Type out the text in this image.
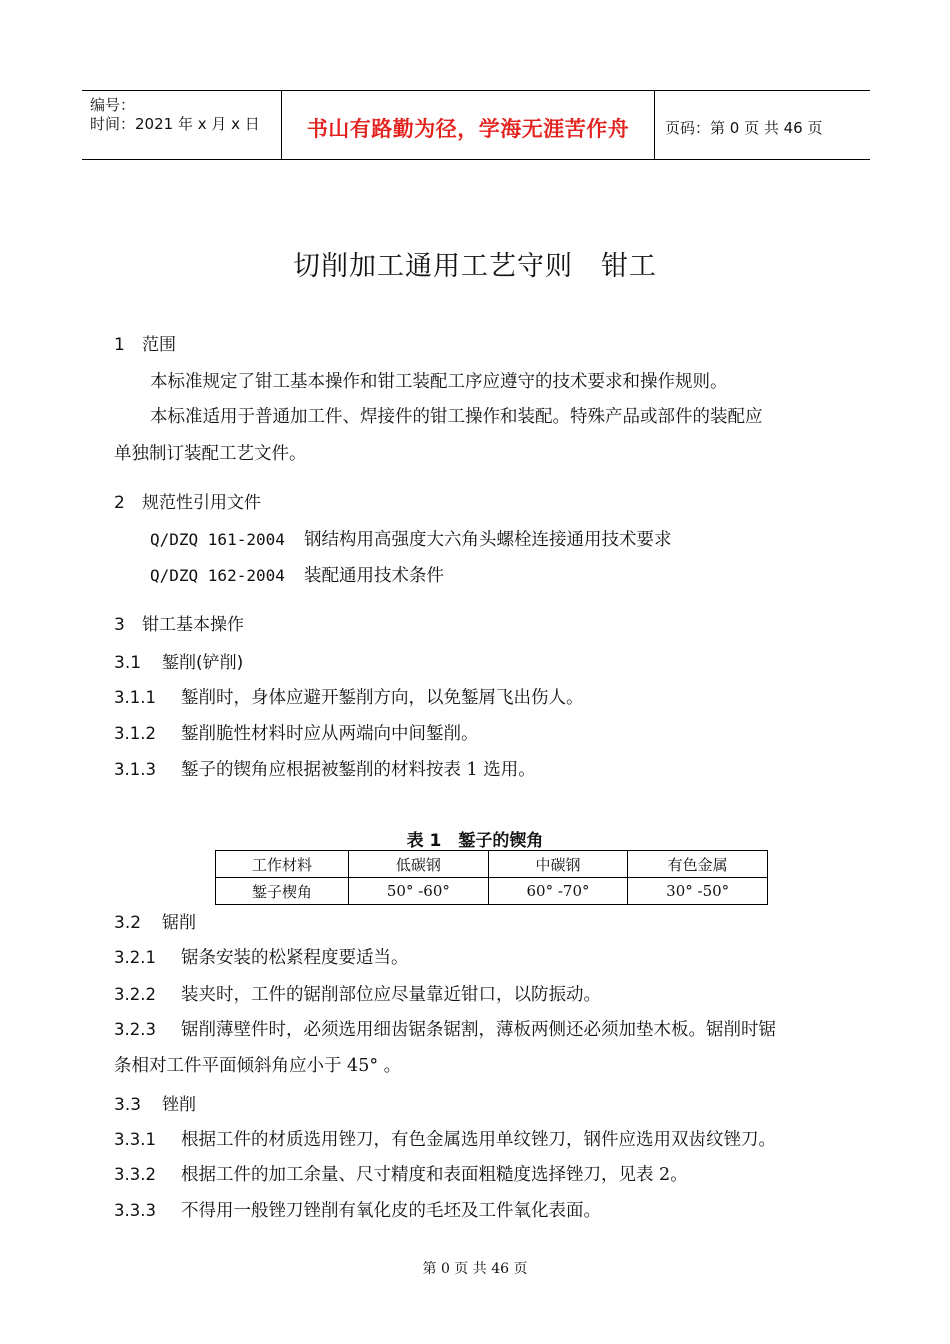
编号：
时间：2021 年 x 月 x 日	书山有路勤为径，学海无涯苦作舟	页码：第 0 页 共 46 页
切削加工通用工艺守则　钳工
1 范围
本标准规定了钳工基本操作和钳工装配工序应遵守的技术要求和操作规则。
本标准适用于普通加工件、焊接件的钳工操作和装配。特殊产品或部件的装配应
单独制订装配工艺文件。
2 规范性引用文件
Q/DZQ 161-2004 钢结构用高强度大六角头螺栓连接通用技术要求
Q/DZQ 162-2004 装配通用技术条件
3 钳工基本操作
3.1 錾削(铲削)
3.1.1 錾削时，身体应避开錾削方向，以免錾屑飞出伤人。
3.1.2 錾削脆性材料时应从两端向中间錾削。
3.1.3 錾子的锲角应根据被錾削的材料按表 1 选用。
表 1　錾子的锲角
工作材料	低碳钢	中碳钢	有色金属
錾子楔角	50° -60°	60° -70°	30° -50°
3.2 锯削
3.2.1 锯条安装的松紧程度要适当。
3.2.2 装夹时，工件的锯削部位应尽量靠近钳口，以防振动。
3.2.3 锯削薄壁件时，必须选用细齿锯条锯割，薄板两侧还必须加垫木板。锯削时锯
条相对工件平面倾斜角应小于 45° 。
3.3 锉削
3.3.1 根据工件的材质选用锉刀，有色金属选用单纹锉刀，钢件应选用双齿纹锉刀。
3.3.2 根据工件的加工余量、尺寸精度和表面粗糙度选择锉刀，见表 2。
3.3.3 不得用一般锉刀锉削有氧化皮的毛坯及工件氧化表面。
第 0 页 共 46 页
